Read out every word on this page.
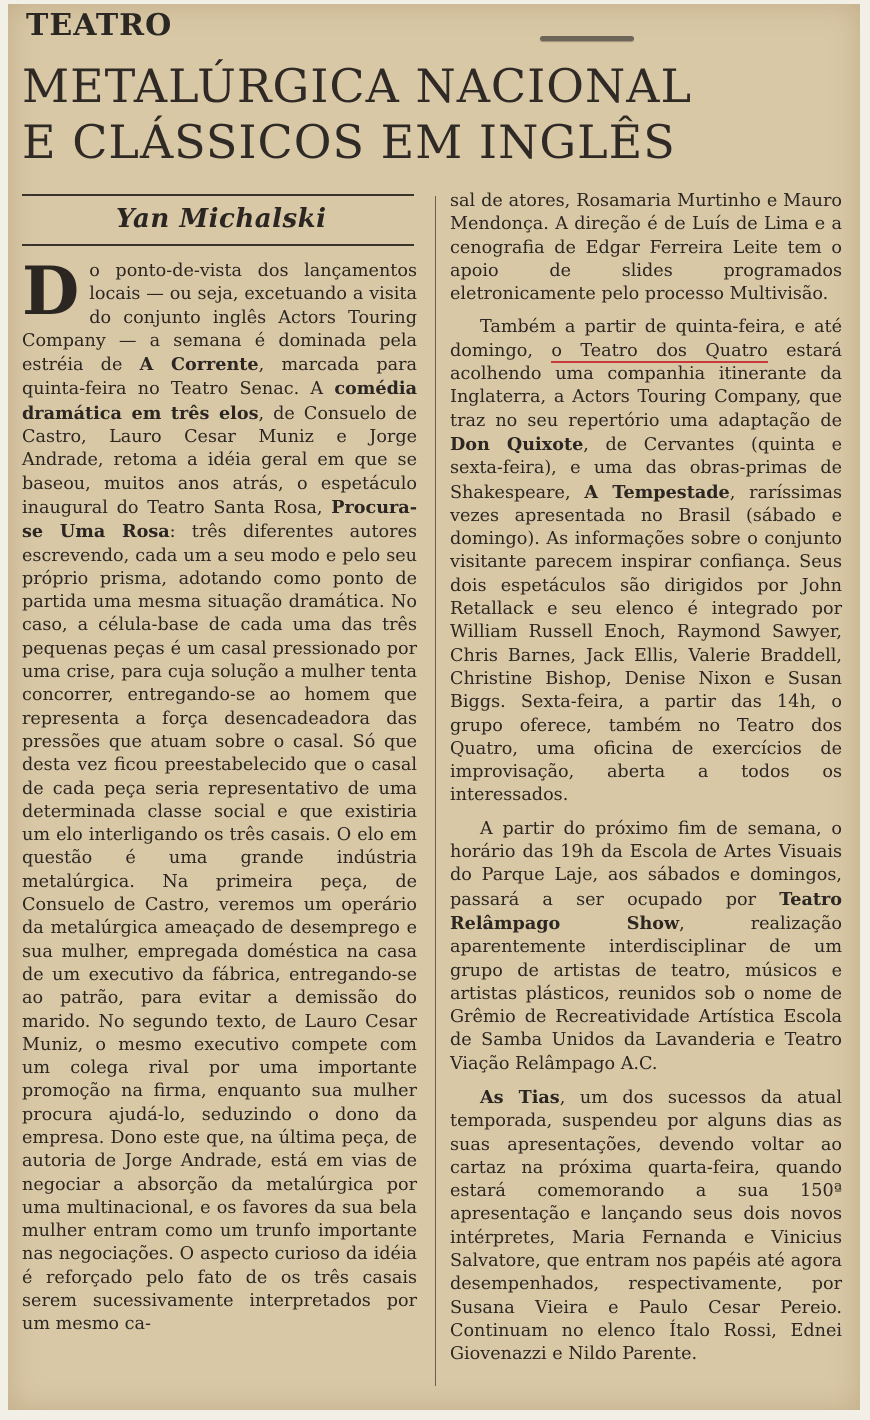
TEATRO
METALÚRGICA NACIONAL
E CLÁSSICOS EM INGLÊS
Yan Michalski

Do ponto-de-vista dos lançamentos locais — ou seja, excetuando a visita do conjunto inglês Actors Touring Company — a semana é dominada pela estréia de A Corrente, marcada para quinta-feira no Teatro Senac. A comédia dramática em três elos, de Consuelo de Castro, Lauro Cesar Muniz e Jorge Andrade, retoma a idéia geral em que se baseou, muitos anos atrás, o espetáculo inaugural do Teatro Santa Rosa, Procura-se Uma Rosa: três diferentes autores escrevendo, cada um a seu modo e pelo seu próprio prisma, adotando como ponto de partida uma mesma situação dramática. No caso, a célula-base de cada uma das três pequenas peças é um casal pressionado por uma crise, para cuja solução a mulher tenta concorrer, entregando-se ao homem que representa a força desencadeadora das pressões que atuam sobre o casal. Só que desta vez ficou preestabelecido que o casal de cada peça seria representativo de uma determinada classe social e que existiria um elo interligando os três casais. O elo em questão é uma grande indústria metalúrgica. Na primeira peça, de Consuelo de Castro, veremos um operário da metalúrgica ameaçado de desemprego e sua mulher, empregada doméstica na casa de um executivo da fábrica, entregando-se ao patrão, para evitar a demissão do marido. No segundo texto, de Lauro Cesar Muniz, o mesmo executivo compete com um colega rival por uma importante promoção na firma, enquanto sua mulher procura ajudá-lo, seduzindo o dono da empresa. Dono este que, na última peça, de autoria de Jorge Andrade, está em vias de negociar a absorção da metalúrgica por uma multinacional, e os favores da sua bela mulher entram como um trunfo importante nas negociações. O aspecto curioso da idéia é reforçado pelo fato de os três casais serem sucessivamente interpretados por um mesmo ca-

sal de atores, Rosamaria Murtinho e Mauro Mendonça. A direção é de Luís de Lima e a cenografia de Edgar Ferreira Leite tem o apoio de slides programados eletronicamente pelo processo Multivisão.

Também a partir de quinta-feira, e até domingo, o Teatro dos Quatro estará acolhendo uma companhia itinerante da Inglaterra, a Actors Touring Company, que traz no seu repertório uma adaptação de Don Quixote, de Cervantes (quinta e sexta-feira), e uma das obras-primas de Shakespeare, A Tempestade, raríssimas vezes apresentada no Brasil (sábado e domingo). As informações sobre o conjunto visitante parecem inspirar confiança. Seus dois espetáculos são dirigidos por John Retallack e seu elenco é integrado por William Russell Enoch, Raymond Sawyer, Chris Barnes, Jack Ellis, Valerie Braddell, Christine Bishop, Denise Nixon e Susan Biggs. Sexta-feira, a partir das 14h, o grupo oferece, também no Teatro dos Quatro, uma oficina de exercícios de improvisação, aberta a todos os interessados.

A partir do próximo fim de semana, o horário das 19h da Escola de Artes Visuais do Parque Laje, aos sábados e domingos, passará a ser ocupado por Teatro Relâmpago Show, realização aparentemente interdisciplinar de um grupo de artistas de teatro, músicos e artistas plásticos, reunidos sob o nome de Grêmio de Recreatividade Artística Escola de Samba Unidos da Lavanderia e Teatro Viação Relâmpago A.C.

As Tias, um dos sucessos da atual temporada, suspendeu por alguns dias as suas apresentações, devendo voltar ao cartaz na próxima quarta-feira, quando estará comemorando a sua 150ª apresentação e lançando seus dois novos intérpretes, Maria Fernanda e Vinicius Salvatore, que entram nos papéis até agora desempenhados, respectivamente, por Susana Vieira e Paulo Cesar Pereio. Continuam no elenco Ítalo Rossi, Ednei Giovenazzi e Nildo Parente.
